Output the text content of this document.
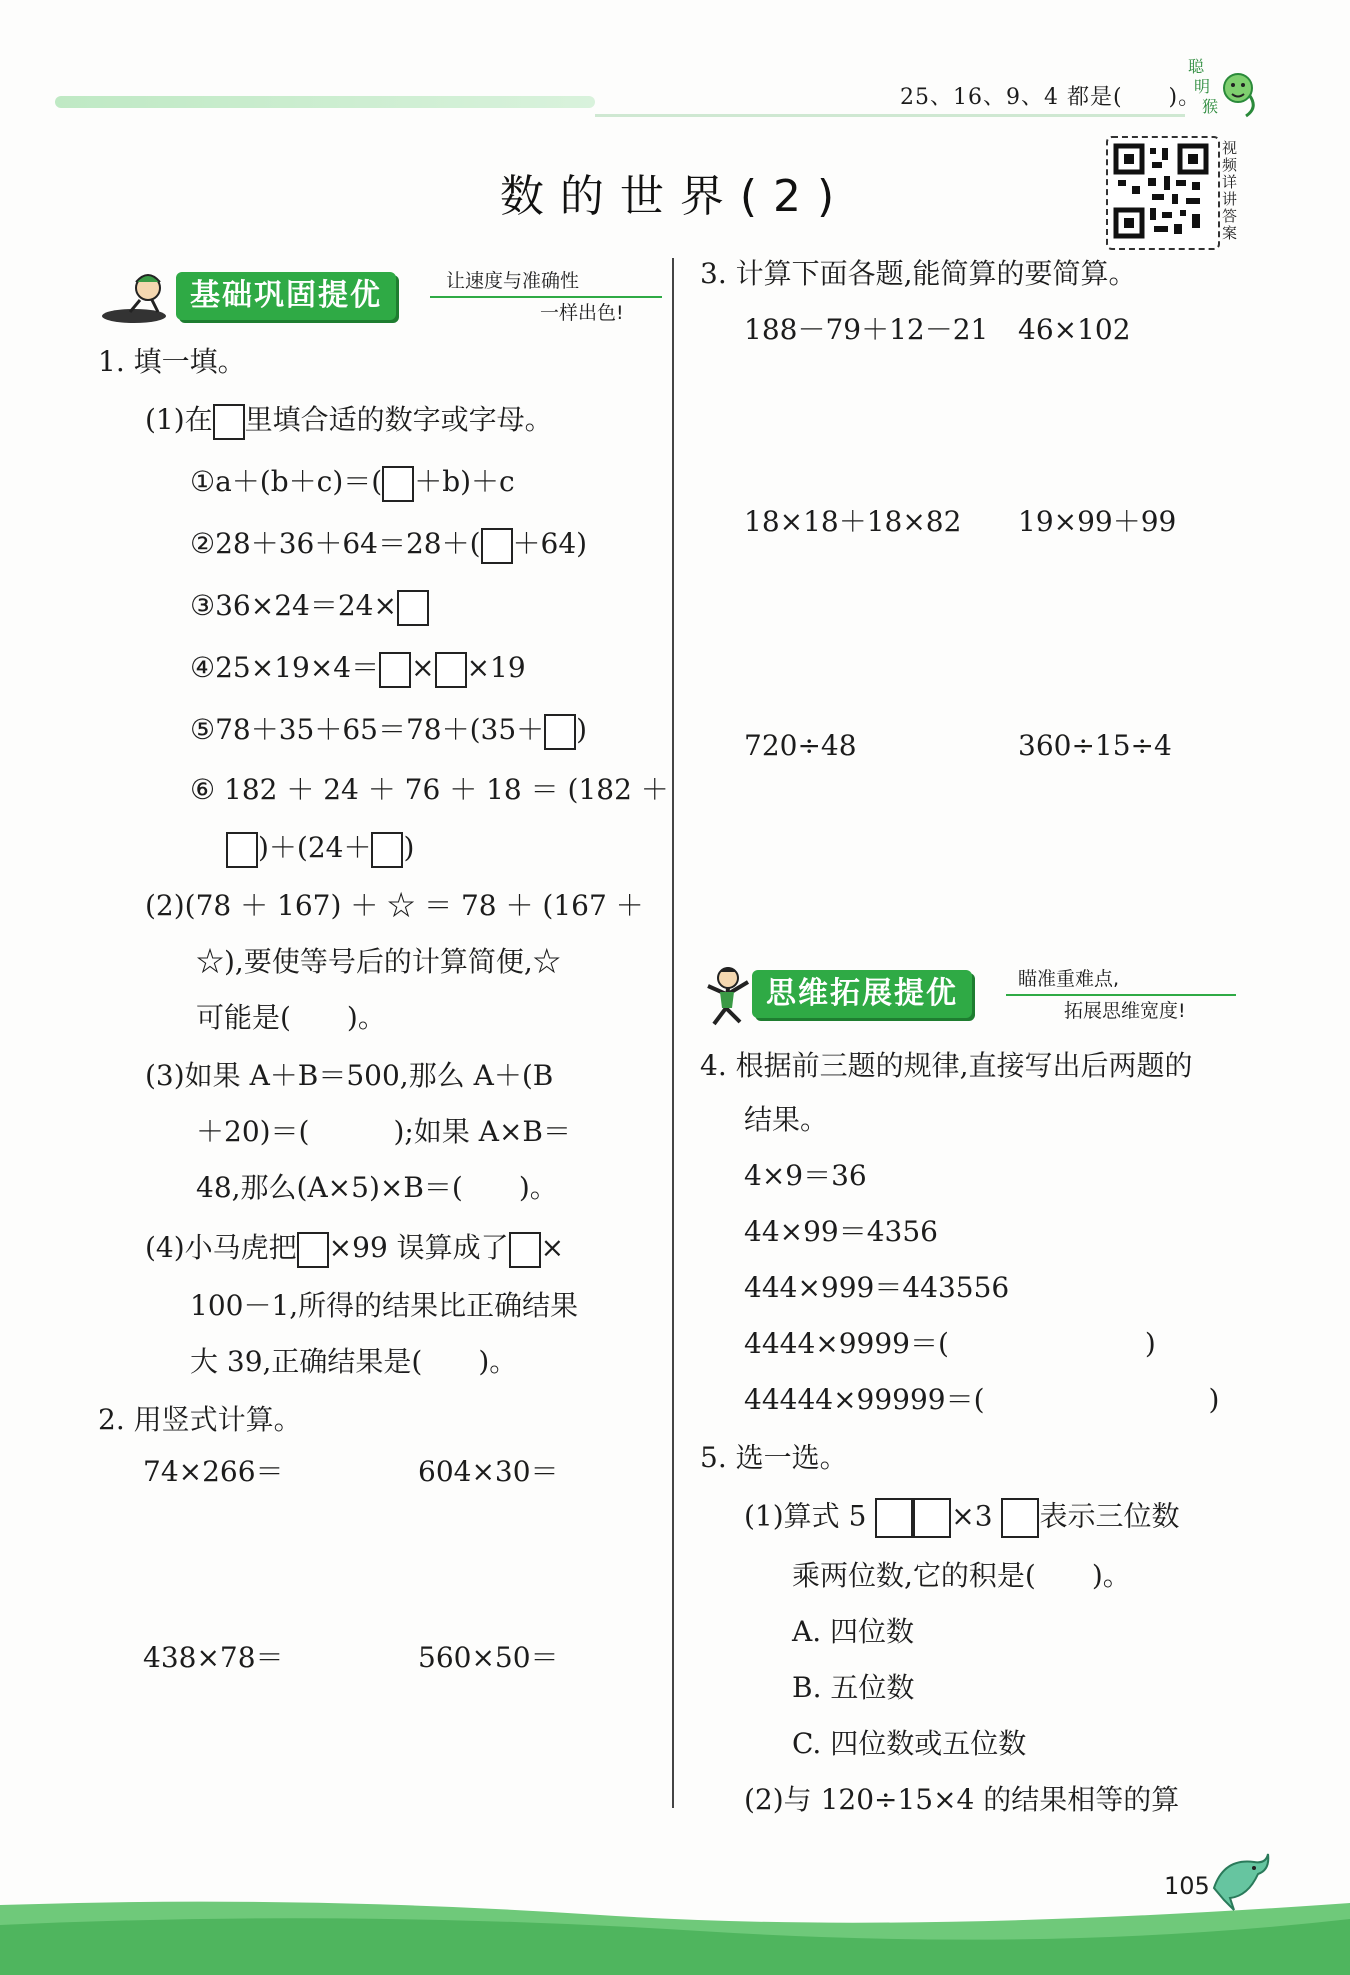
25、16、9、4 都是(　　)。
聪
明
猴
数的世界(2)
视频详讲答案
基础巩固提优	让速度与准确性
一样出色!
1. 填一填。
(1)在 里填合适的数字或字母。
①a＋(b＋c)＝( ＋b)＋c
②28＋36＋64＝28＋( ＋64)
③36×24＝24×
④25×19×4＝ × ×19
⑤78＋35＋65＝78＋(35＋ )
⑥ 182 ＋ 24 ＋ 76 ＋ 18 ＝ (182 ＋
)＋(24＋ )
(2)(78 ＋ 167) ＋ ☆ ＝ 78 ＋ (167 ＋
☆),要使等号后的计算简便,☆
可能是(　　)。
(3)如果 A＋B＝500,那么 A＋(B
＋20)＝(　　　);如果 A×B＝
48,那么(A×5)×B＝(　　)。
(4)小马虎把 ×99 误算成了 ×
100－1,所得的结果比正确结果
大 39,正确结果是(　　)。
2. 用竖式计算。
74×266＝	604×30＝
438×78＝	560×50＝
3. 计算下面各题,能简算的要简算。
188－79＋12－21 46×102
18×18＋18×82 19×99＋99
720÷48	360÷15÷4
思维拓展提优	瞄准重难点,
拓展思维宽度!
4. 根据前三题的规律,直接写出后两题的
结果。
4×9＝36
44×99＝4356
444×999＝443556
4444×9999＝(　　　　　　　)
44444×99999＝(　　　　　　　　)
5. 选一选。
(1)算式 5	×3 表示三位数
乘两位数,它的积是(　　)。
A. 四位数
B. 五位数
C. 四位数或五位数
(2)与 120÷15×4 的结果相等的算
105
